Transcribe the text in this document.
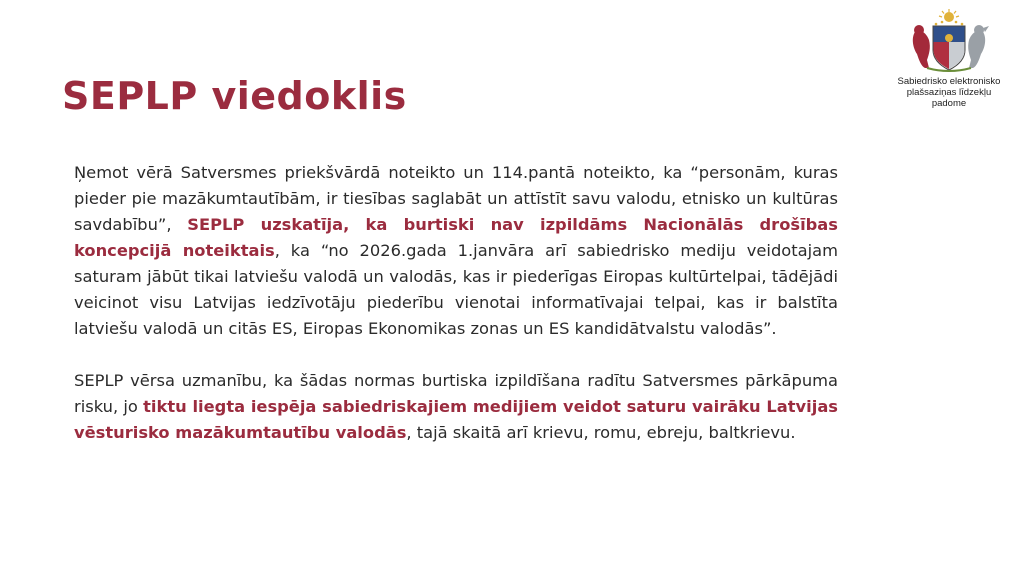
SEPLP viedoklis	Sabiedrisko elektronisko
plašsaziņas līdzekļu
padome

Ņemot vērā Satversmes priekšvārdā noteikto un 114.pantā noteikto, ka “personām, kuras pieder pie mazākumtautībām, ir tiesības saglabāt un attīstīt savu valodu, etnisko un kultūras savdabību”, SEPLP uzskatīja, ka burtiski nav izpildāms Nacionālās drošības koncepcijā noteiktais, ka “no 2026.gada 1.janvāra arī sabiedrisko mediju veidotajam saturam jābūt tikai latviešu valodā un valodās, kas ir piederīgas Eiropas kultūrtelpai, tādējādi veicinot visu Latvijas iedzīvotāju piederību vienotai informatīvajai telpai, kas ir balstīta latviešu valodā un citās ES, Eiropas Ekonomikas zonas un ES kandidātvalstu valodās”.

SEPLP vērsa uzmanību, ka šādas normas burtiska izpildīšana radītu Satversmes pārkāpuma risku, jo tiktu liegta iespēja sabiedriskajiem medijiem veidot saturu vairāku Latvijas vēsturisko mazākumtautību valodās, tajā skaitā arī krievu, romu, ebreju, baltkrievu.
